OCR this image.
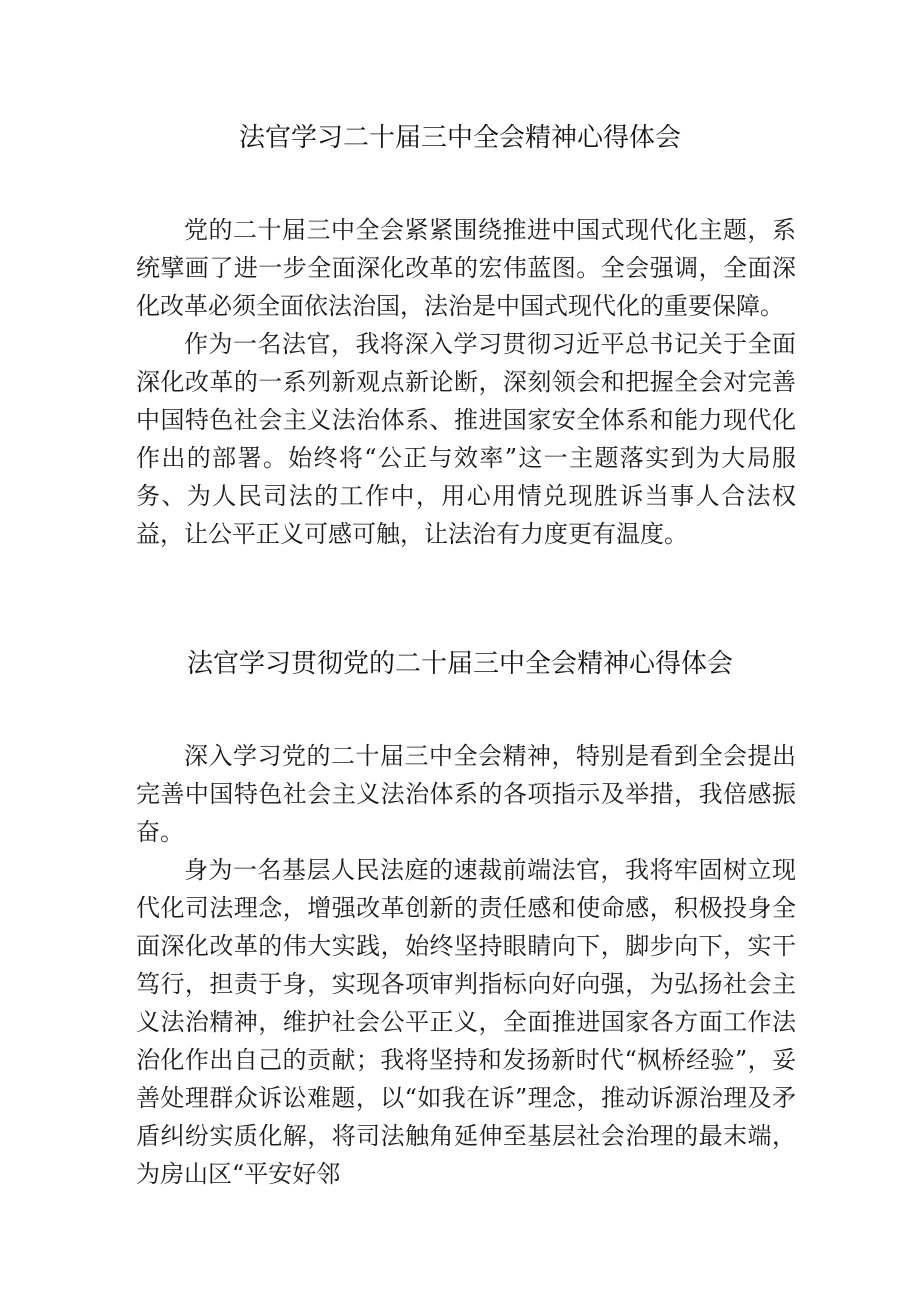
法官学习二十届三中全会精神心得体会

党的二十届三中全会紧紧围绕推进中国式现代化主题，系统擘画了进一步全面深化改革的宏伟蓝图。全会强调，全面深化改革必须全面依法治国，法治是中国式现代化的重要保障。

作为一名法官，我将深入学习贯彻习近平总书记关于全面深化改革的一系列新观点新论断，深刻领会和把握全会对完善中国特色社会主义法治体系、推进国家安全体系和能力现代化作出的部署。始终将“公正与效率”这一主题落实到为大局服务、为人民司法的工作中，用心用情兑现胜诉当事人合法权益，让公平正义可感可触，让法治有力度更有温度。

法官学习贯彻党的二十届三中全会精神心得体会

深入学习党的二十届三中全会精神，特别是看到全会提出完善中国特色社会主义法治体系的各项指示及举措，我倍感振奋。

身为一名基层人民法庭的速裁前端法官，我将牢固树立现代化司法理念，增强改革创新的责任感和使命感，积极投身全面深化改革的伟大实践，始终坚持眼睛向下，脚步向下，实干笃行，担责于身，实现各项审判指标向好向强，为弘扬社会主义法治精神，维护社会公平正义，全面推进国家各方面工作法治化作出自己的贡献；我将坚持和发扬新时代“枫桥经验”，妥善处理群众诉讼难题，以“如我在诉”理念，推动诉源治理及矛盾纠纷实质化解，将司法触角延伸至基层社会治理的最末端，为房山区“平安好邻
